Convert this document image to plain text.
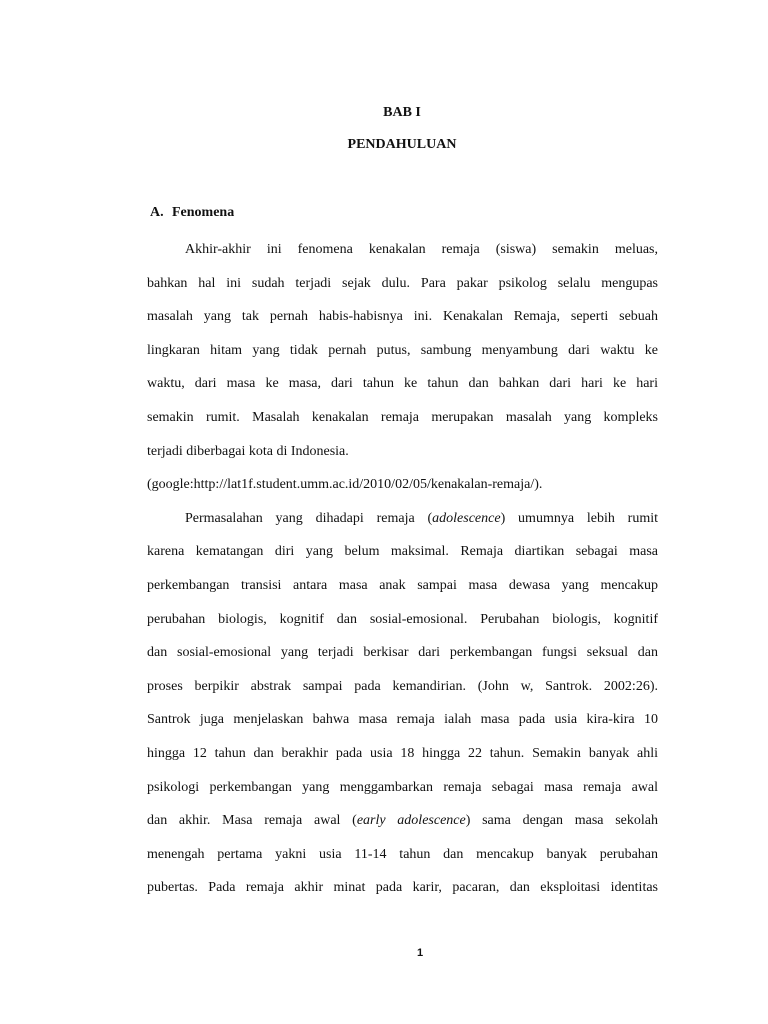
BAB I
PENDAHULUAN
A. Fenomena
Akhir-akhir ini fenomena kenakalan remaja (siswa) semakin meluas,
bahkan hal ini sudah terjadi sejak dulu. Para pakar psikolog selalu mengupas
masalah yang tak pernah habis-habisnya ini. Kenakalan Remaja, seperti sebuah
lingkaran hitam yang tidak pernah putus, sambung menyambung dari waktu ke
waktu, dari masa ke masa, dari tahun ke tahun dan bahkan dari hari ke hari
semakin rumit. Masalah kenakalan remaja merupakan masalah yang kompleks
terjadi diberbagai kota di Indonesia.
(google:http://lat1f.student.umm.ac.id/2010/02/05/kenakalan-remaja/).
Permasalahan yang dihadapi remaja (adolescence) umumnya lebih rumit
karena kematangan diri yang belum maksimal. Remaja diartikan sebagai masa
perkembangan transisi antara masa anak sampai masa dewasa yang mencakup
perubahan biologis, kognitif dan sosial-emosional. Perubahan biologis, kognitif
dan sosial-emosional yang terjadi berkisar dari perkembangan fungsi seksual dan
proses berpikir abstrak sampai pada kemandirian. (John w, Santrok. 2002:26).
Santrok juga menjelaskan bahwa masa remaja ialah masa pada usia kira-kira 10
hingga 12 tahun dan berakhir pada usia 18 hingga 22 tahun. Semakin banyak ahli
psikologi perkembangan yang menggambarkan remaja sebagai masa remaja awal
dan akhir. Masa remaja awal (early adolescence) sama dengan masa sekolah
menengah pertama yakni usia 11-14 tahun dan mencakup banyak perubahan
pubertas. Pada remaja akhir minat pada karir, pacaran, dan eksploitasi identitas
1
